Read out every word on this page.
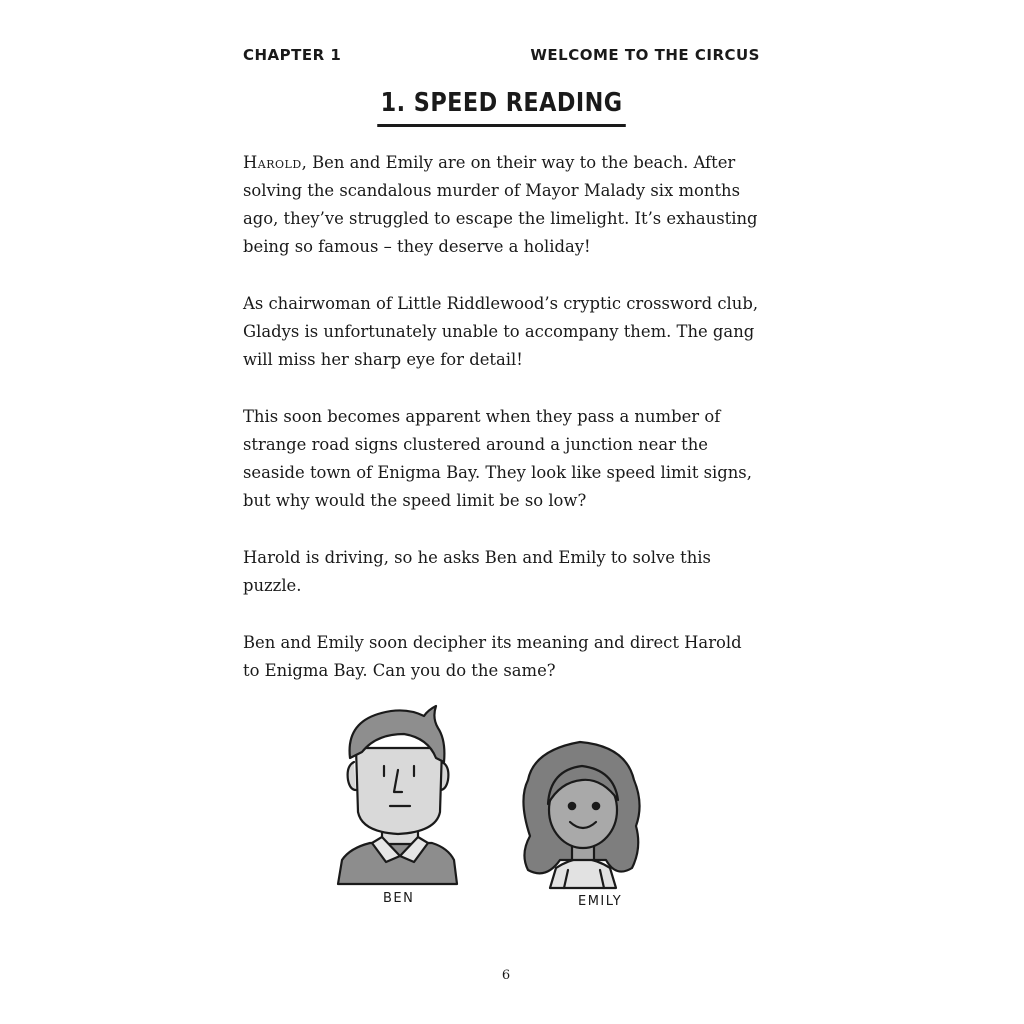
CHAPTER 1	WELCOME TO THE CIRCUS
1. SPEED READING

Harold, Ben and Emily are on their way to the beach. After solving the scandalous murder of Mayor Malady six months ago, they’ve struggled to escape the limelight. It’s exhausting being so famous – they deserve a holiday!

As chairwoman of Little Riddlewood’s cryptic crossword club, Gladys is unfortunately unable to accompany them. The gang will miss her sharp eye for detail!

This soon becomes apparent when they pass a number of strange road signs clustered around a junction near the seaside town of Enigma Bay. They look like speed limit signs, but why would the speed limit be so low?

Harold is driving, so he asks Ben and Emily to solve this puzzle.

Ben and Emily soon decipher its meaning and direct Harold to Enigma Bay. Can you do the same?

BEN	EMILY
6
